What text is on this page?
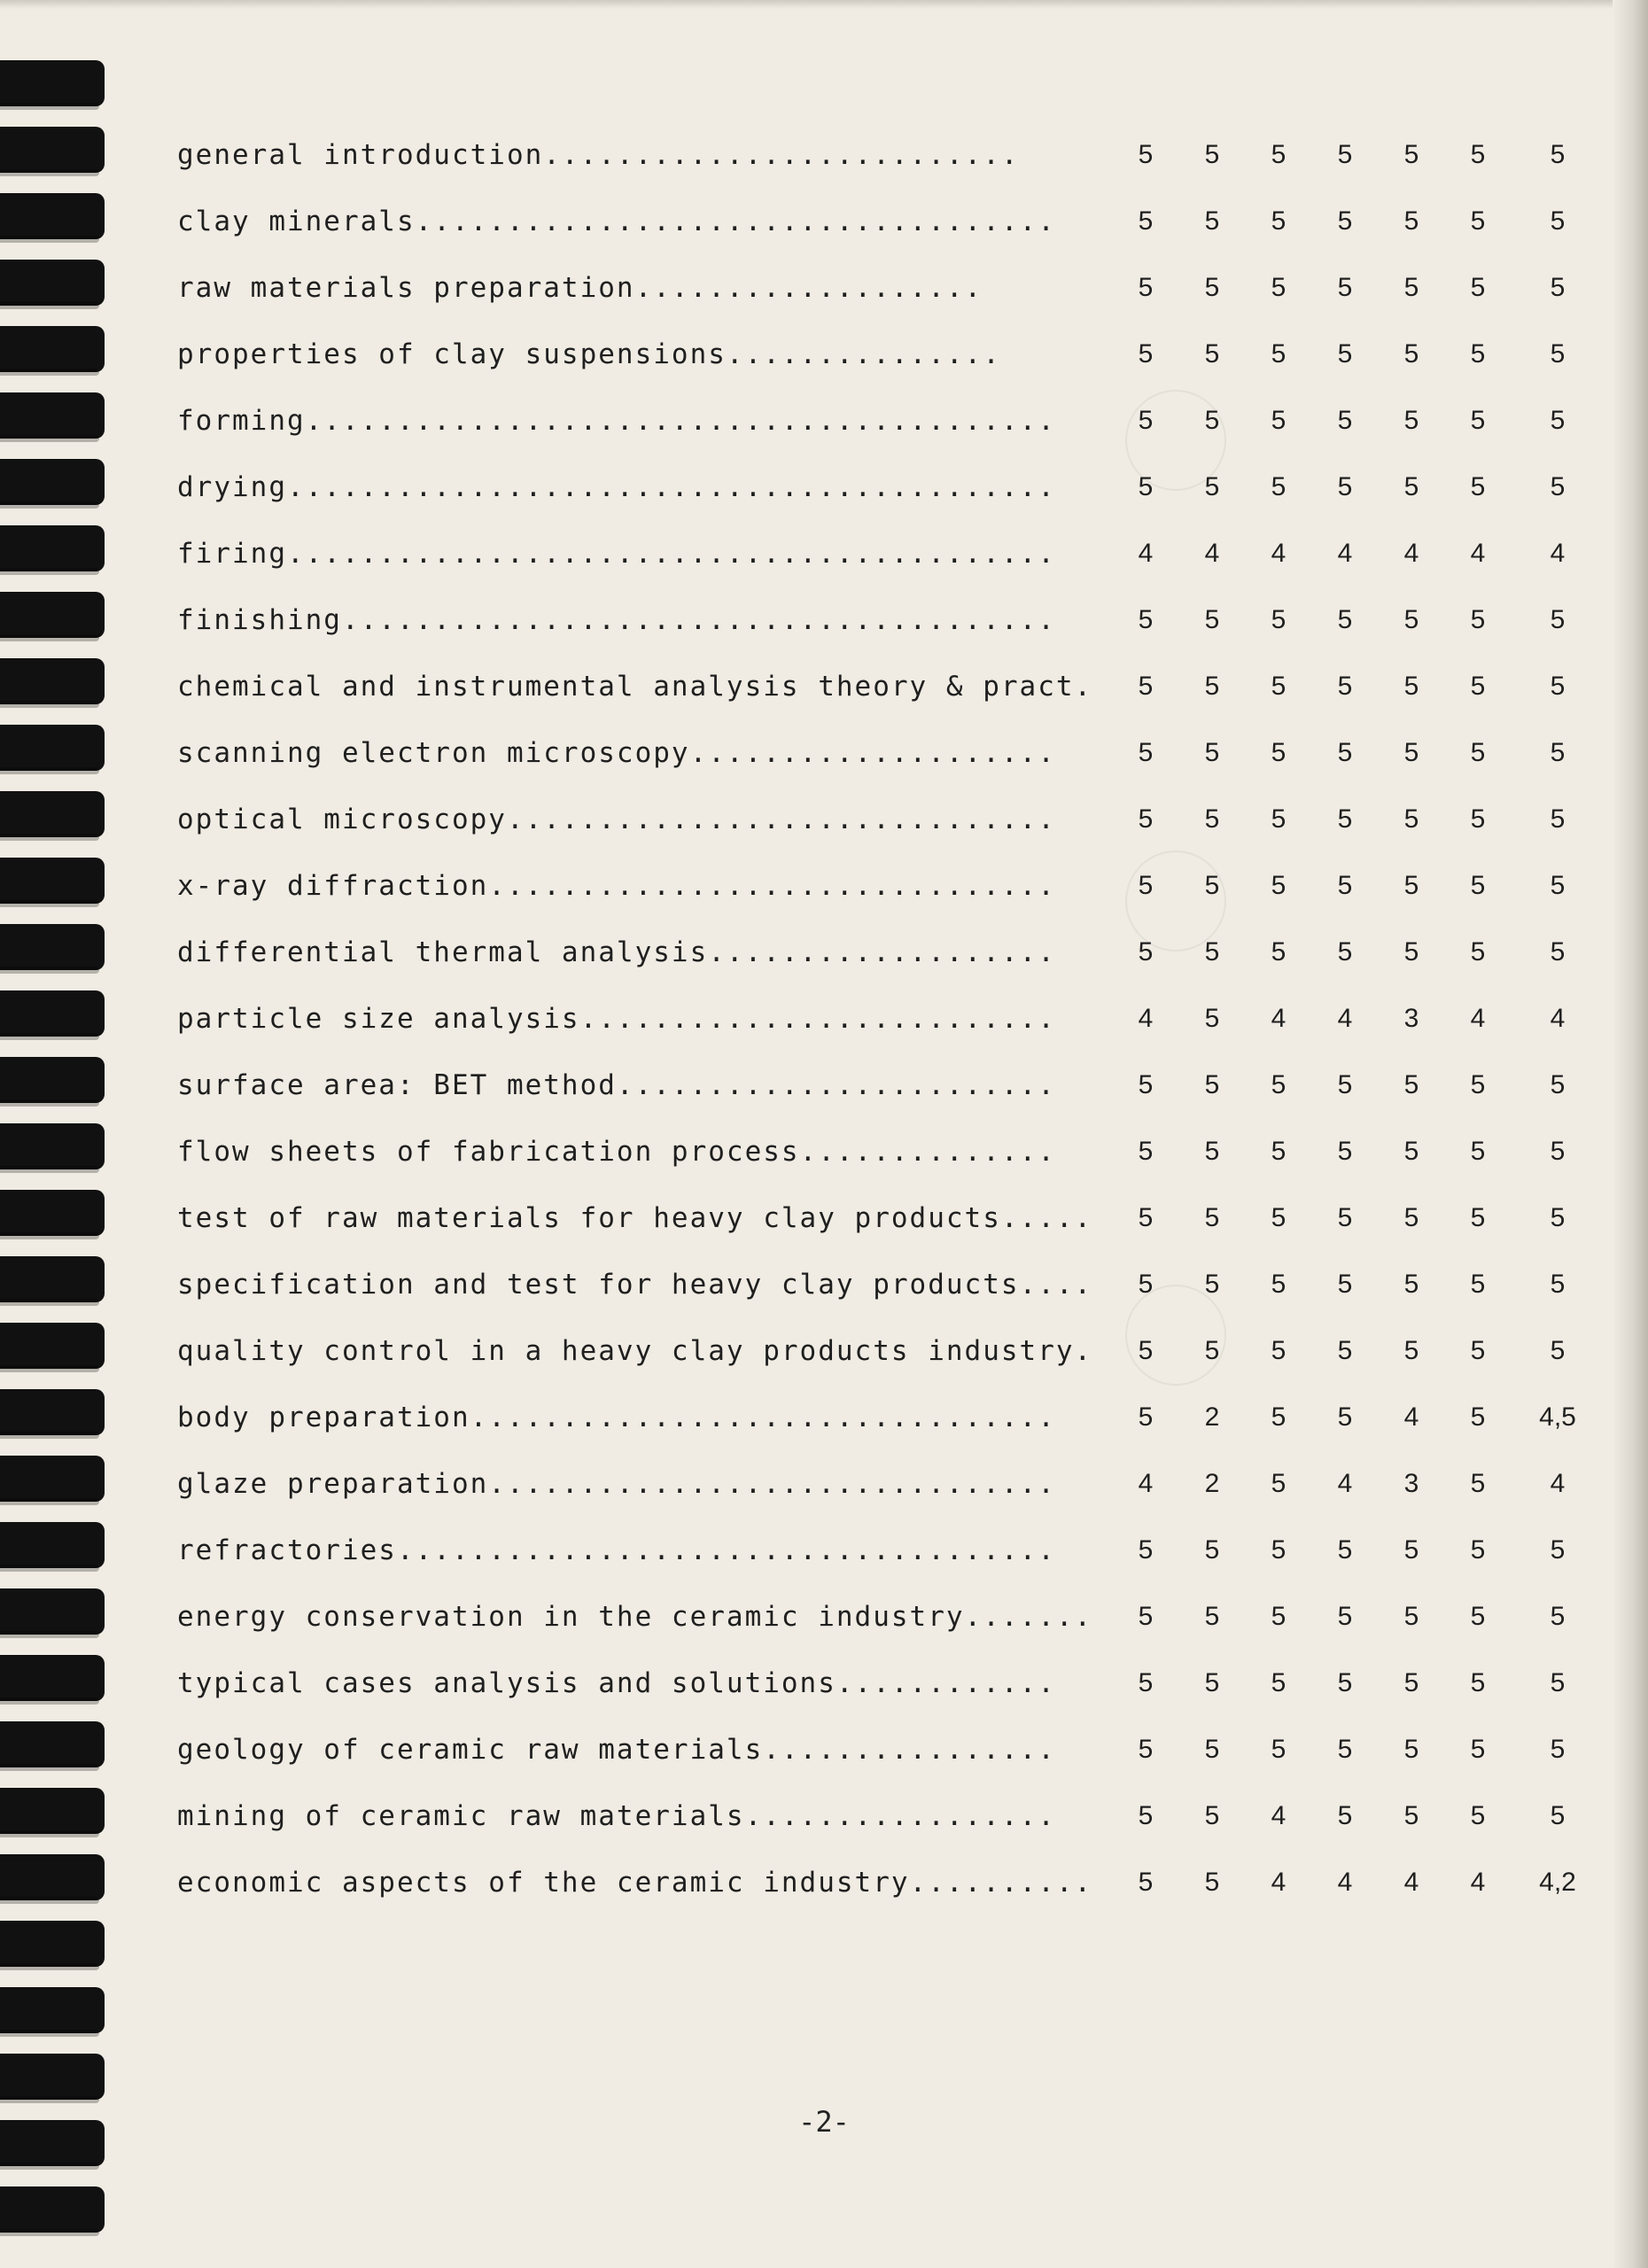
general introduction..........................	5	5	5	5	5	5	5
clay minerals...................................	5	5	5	5	5	5	5
raw materials preparation...................	5	5	5	5	5	5	5
properties of clay suspensions...............	5	5	5	5	5	5	5
forming.........................................	5	5	5	5	5	5	5
drying..........................................	5	5	5	5	5	5	5
firing..........................................	4	4	4	4	4	4	4
finishing.......................................	5	5	5	5	5	5	5
chemical and instrumental analysis theory & pract.	5	5	5	5	5	5	5
scanning electron microscopy....................	5	5	5	5	5	5	5
optical microscopy..............................	5	5	5	5	5	5	5
x-ray diffraction...............................	5	5	5	5	5	5	5
differential thermal analysis...................	5	5	5	5	5	5	5
particle size analysis..........................	4	5	4	4	3	4	4
surface area: BET method........................	5	5	5	5	5	5	5
flow sheets of fabrication process..............	5	5	5	5	5	5	5
test of raw materials for heavy clay products.....	5	5	5	5	5	5	5
specification and test for heavy clay products....	5	5	5	5	5	5	5
quality control in a heavy clay products industry.	5	5	5	5	5	5	5
body preparation................................	5	2	5	5	4	5	4,5
glaze preparation...............................	4	2	5	4	3	5	4
refractories....................................	5	5	5	5	5	5	5
energy conservation in the ceramic industry.......	5	5	5	5	5	5	5
typical cases analysis and solutions............	5	5	5	5	5	5	5
geology of ceramic raw materials................	5	5	5	5	5	5	5
mining of ceramic raw materials.................	5	5	4	5	5	5	5
economic aspects of the ceramic industry..........	5	5	4	4	4	4	4,2
-2-
